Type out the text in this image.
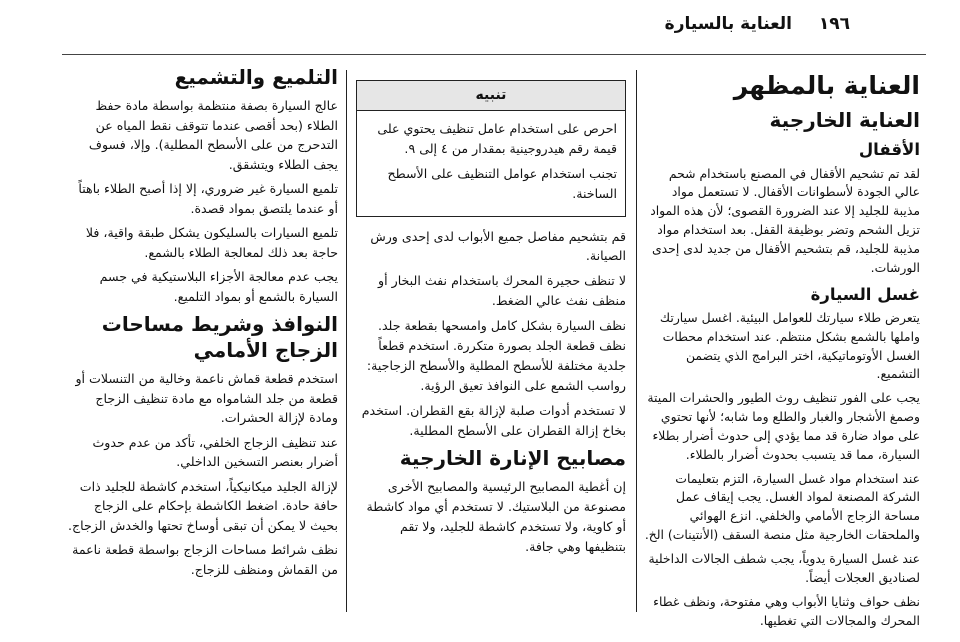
١٩٦
العناية بالسيارة
العناية بالمظهر
العناية الخارجية
الأقفال

لقد تم تشحيم الأقفال في المصنع باستخدام شحم عالي الجودة لأسطوانات الأقفال. لا تستعمل مواد مذيبة للجليد إلا عند الضرورة القصوى؛ لأن هذه المواد تزيل الشحم وتضر بوظيفة القفل. بعد استخدام مواد مذيبة للجليد، قم بتشحيم الأقفال من جديد لدى إحدى الورشات.

غسل السيارة

يتعرض طلاء سيارتك للعوامل البيئية. اغسل سيارتك واملها بالشمع بشكل منتظم. عند استخدام محطات الغسل الأوتوماتيكية، اختر البرامج الذي يتضمن التشميع.

يجب على الفور تنظيف روث الطيور والحشرات الميتة وصمغ الأشجار والغبار والطلع وما شابه؛ لأنها تحتوي على مواد ضارة قد مما يؤدي إلى حدوث أضرار بطلاء السيارة، مما قد يتسبب بحدوث أضرار بالطلاء.

عند استخدام مواد غسل السيارة، التزم بتعليمات الشركة المصنعة لمواد الغسل. يجب إيقاف عمل مساحة الزجاج الأمامي والخلفي. انزع الهوائي والملحقات الخارجية مثل منصة السقف (الأنتينات) الخ.

عند غسل السيارة يدوياً، يجب شطف الجالات الداخلية لصناديق العجلات أيضاً.

نظف حواف وثنايا الأبواب وهي مفتوحة، ونظف غطاء المحرك والمجالات التي تغطيها.

تنبيه

احرص على استخدام عامل تنظيف يحتوي على قيمة رقم هيدروجينية بمقدار من ٤ إلى ٩.

تجنب استخدام عوامل التنظيف على الأسطح الساخنة.

قم بتشحيم مفاصل جميع الأبواب لدى إحدى ورش الصيانة.

لا تنظف حجيرة المحرك باستخدام نفث البخار أو منظف نفث عالي الضغط.

نظف السيارة بشكل كامل وامسحها بقطعة جلد. نظف قطعة الجلد بصورة متكررة. استخدم قطعاً جلدية مختلفة للأسطح المطلية والأسطح الزجاجية: رواسب الشمع على النوافذ تعيق الرؤية.

لا تستخدم أدوات صلبة لإزالة بقع القطران. استخدم بخاخ إزالة القطران على الأسطح المطلية.

مصابيح الإنارة الخارجية

إن أغطية المصابيح الرئيسية والمصابيح الأخرى مصنوعة من البلاستيك. لا تستخدم أي مواد كاشطة أو كاوية، ولا تستخدم كاشطة للجليد، ولا تقم بتنظيفها وهي جافة.

التلميع والتشميع

عالج السيارة بصفة منتظمة بواسطة مادة حفظ الطلاء (بحد أقصى عندما تتوقف نقط المياه عن التدحرج من على الأسطح المطلية). وإلا، فسوف يجف الطلاء ويتشقق.

تلميع السيارة غير ضروري، إلا إذا أصبح الطلاء باهتاً أو عندما يلتصق بمواد قصدة.

تلميع السيارات بالسليكون يشكل طبقة واقية، فلا حاجة بعد ذلك لمعالجة الطلاء بالشمع.

يجب عدم معالجة الأجزاء البلاستيكية في جسم السيارة بالشمع أو بمواد التلميع.

النوافذ وشريط مساحات الزجاج الأمامي

استخدم قطعة قماش ناعمة وخالية من التنسلات أو قطعة من جلد الشامواه مع مادة تنظيف الزجاج ومادة لإزالة الحشرات.

عند تنظيف الزجاج الخلفي، تأكد من عدم حدوث أضرار بعنصر التسخين الداخلي.

لإزالة الجليد ميكانيكياً، استخدم كاشطة للجليد ذات حافة حادة. اضغط الكاشطة بإحكام على الزجاج بحيث لا يمكن أن تبقى أوساخ تحتها والخدش الزجاج.

نظف شرائط مساحات الزجاج بواسطة قطعة ناعمة من القماش ومنظف للزجاج.
